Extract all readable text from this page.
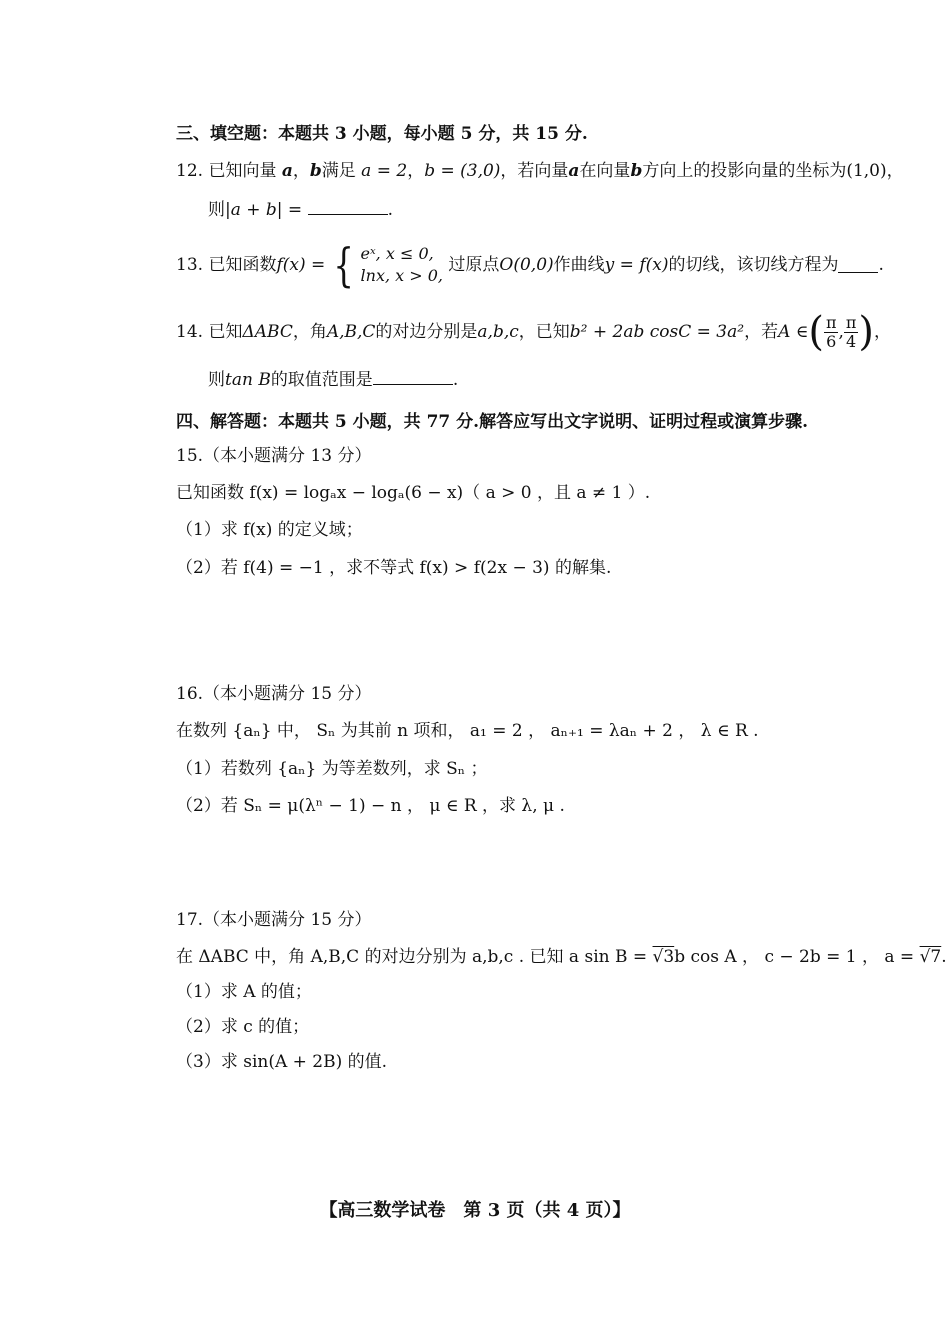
三、填空题：本题共 3 小题，每小题 5 分，共 15 分.
12. 已知向量 a，b满足 a = 2，b = (3,0)，若向量a在向量b方向上的投影向量的坐标为(1,0)，
则|a + b| =	.
13.
已知函数 f(x) = { eˣ, x ≤ 0,
lnx, x > 0,

过原点 O(0,0) 作曲线 y = f(x) 的切线，该切线方程为 .
14.
已知 ΔABC ，角 A,B,C 的对边分别是 a,b,c ，已知 b² + 2ab cosC = 3a² ，若 A ∈ ( $\frac{\pi}{6}$ , $\frac{\pi}{4}$ ) ，
则tan B的取值范围是	.
四、解答题：本题共 5 小题，共 77 分.解答应写出文字说明、证明过程或演算步骤.
15.（本小题满分 13 分）
已知函数 f(x) = logₐx − logₐ(6 − x)（ a > 0 ，且 a ≠ 1 ）.
（1）求 f(x) 的定义域；
（2）若 f(4) = −1 ，求不等式 f(x) > f(2x − 3) 的解集.
16.（本小题满分 15 分）
在数列 {aₙ} 中， Sₙ 为其前 n 项和， a₁ = 2 ， aₙ₊₁ = λaₙ + 2 ， λ ∈ R .
（1）若数列 {aₙ} 为等差数列，求 Sₙ ；
（2）若 Sₙ = μ(λⁿ − 1) − n ， μ ∈ R ，求 λ, μ .
17.（本小题满分 15 分）
在 ΔABC 中，角 A,B,C 的对边分别为 a,b,c . 已知 a sin B = √3b cos A ， c − 2b = 1 ， a = √7.
（1）求 A 的值；
（2）求 c 的值；
（3）求 sin(A + 2B) 的值.
【高三数学试卷　第 3 页（共 4 页）】
